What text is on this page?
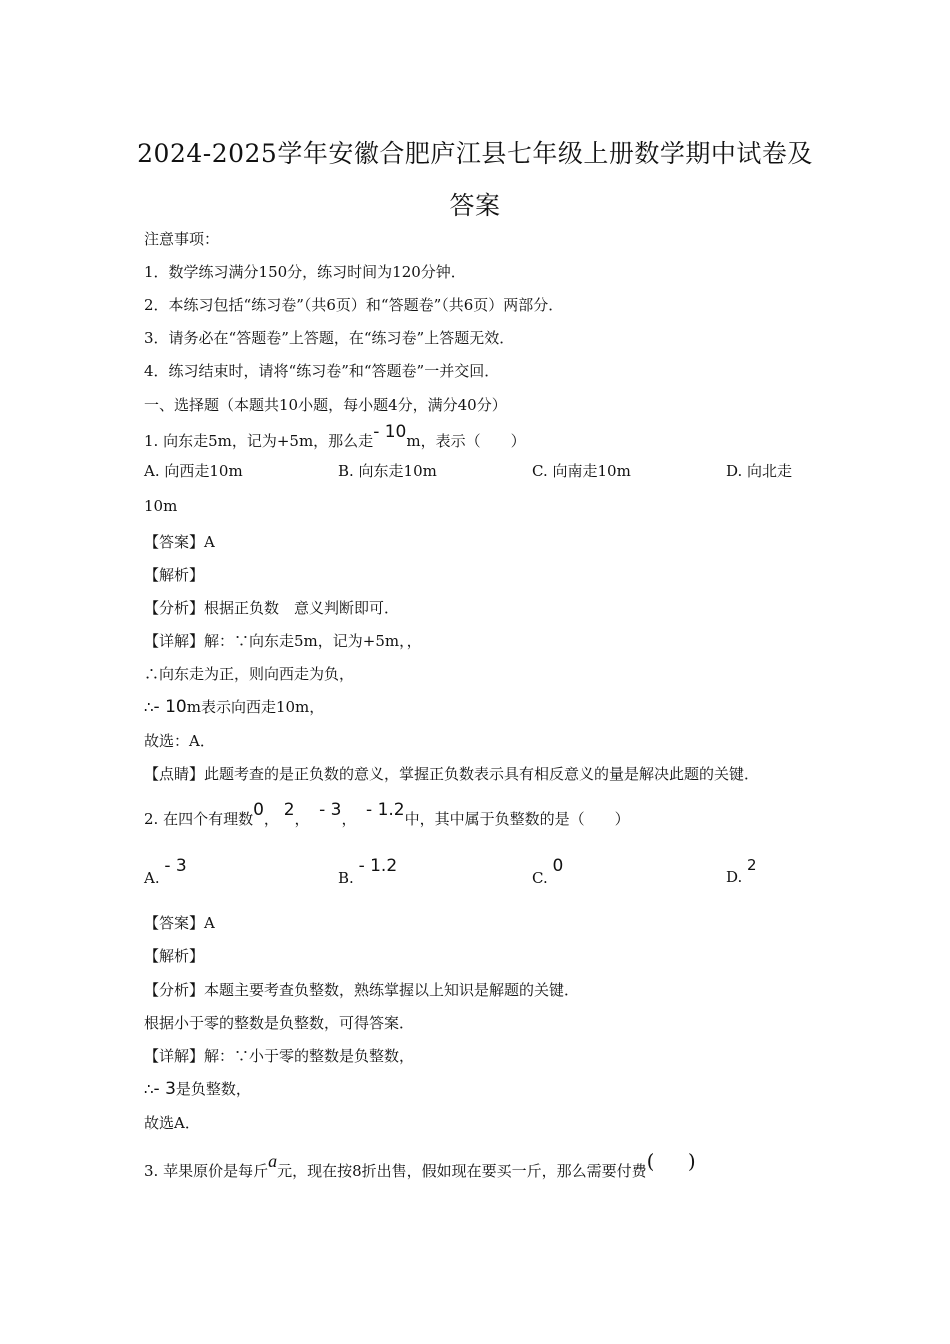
2024-2025学年安徽合肥庐江县七年级上册数学期中试卷及
答案
注意事项：
1．数学练习满分150分，练习时间为120分钟．
2．本练习包括“练习卷”（共6页）和“答题卷”（共6页）两部分．
3．请务必在“答题卷”上答题，在“练习卷”上答题无效．
4．练习结束时，请将“练习卷”和“答题卷”一并交回．
一、选择题（本题共10小题，每小题4分，满分40分）
1. 向东走5m，记为+5m，那么走- 10m，表示（　　）
A. 向西走10m	B. 向东走10m	C. 向南走10m	D. 向北走
10m
【答案】A
【解析】
【分析】根据正负数　意义判断即可．
【详解】解：∵向东走5m，记为+5m，，
∴向东走为正，则向西走为负，
∴- 10m表示向西走10m，
故选：A．
【点睛】此题考查的是正负数的意义，掌握正负数表示具有相反意义的量是解决此题的关键．
2. 在四个有理数0， 2， - 3， - 1.2中，其中属于负整数的是（　　）
A. - 3
B. - 1.2
C. 0
D. 2
【答案】A
【解析】
【分析】本题主要考查负整数，熟练掌握以上知识是解题的关键．
根据小于零的整数是负整数，可得答案．
【详解】解：∵小于零的整数是负整数，
∴- 3是负整数，
故选A．
3. 苹果原价是每斤a元，现在按8折出售，假如现在要买一斤，那么需要付费( )
